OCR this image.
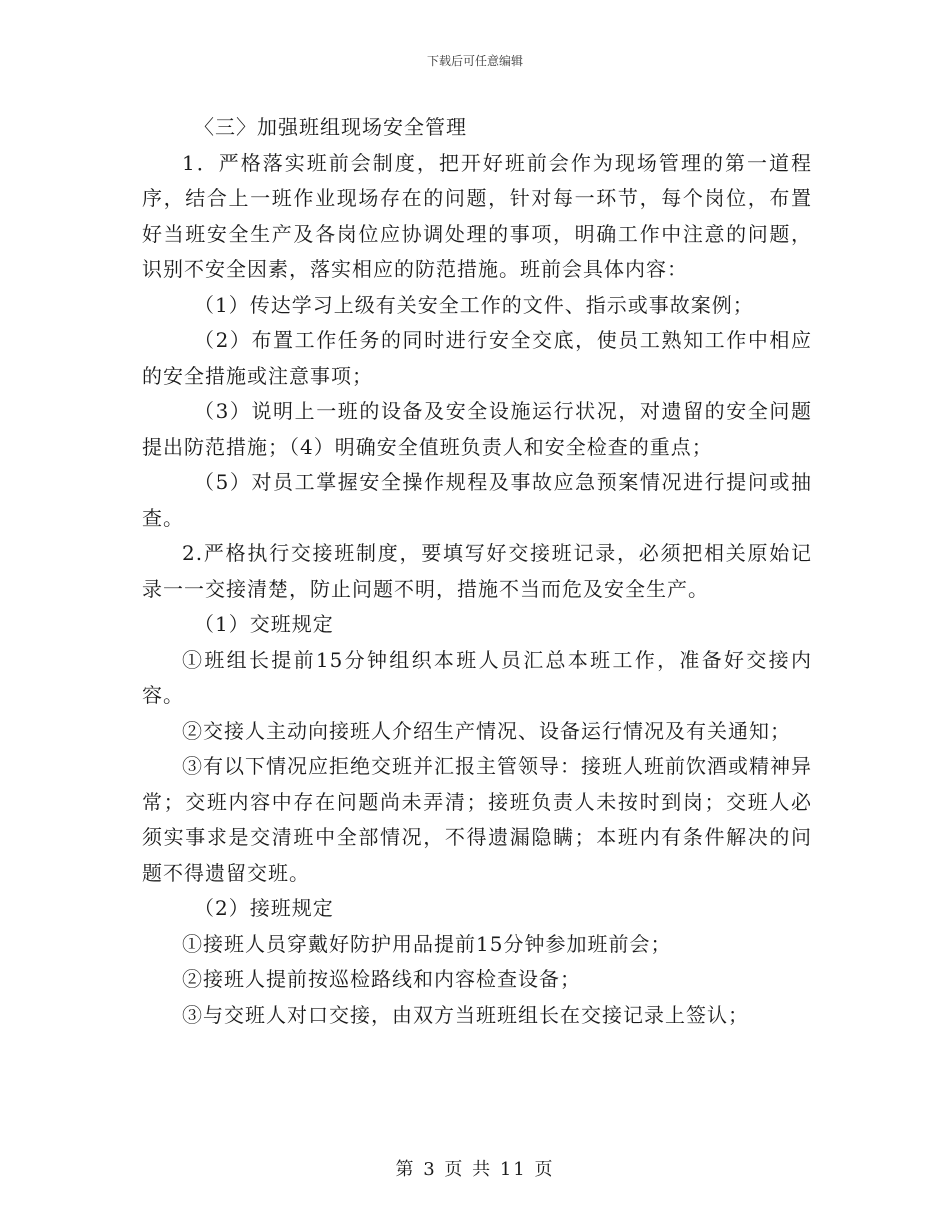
下载后可任意编辑

〈三〉加强班组现场安全管理

1．严格落实班前会制度，把开好班前会作为现场管理的第一道程序，结合上一班作业现场存在的问题，针对每一环节，每个岗位，布置好当班安全生产及各岗位应协调处理的事项，明确工作中注意的问题，识别不安全因素，落实相应的防范措施。班前会具体内容：

（1）传达学习上级有关安全工作的文件、指示或事故案例；

（2）布置工作任务的同时进行安全交底，使员工熟知工作中相应的安全措施或注意事项；

（3）说明上一班的设备及安全设施运行状况，对遗留的安全问题提出防范措施；（4）明确安全值班负责人和安全检查的重点；

（5）对员工掌握安全操作规程及事故应急预案情况进行提问或抽查。

2.严格执行交接班制度，要填写好交接班记录，必须把相关原始记录一一交接清楚，防止问题不明，措施不当而危及安全生产。

（1）交班规定

①班组长提前15分钟组织本班人员汇总本班工作，准备好交接内容。

②交接人主动向接班人介绍生产情况、设备运行情况及有关通知；

③有以下情况应拒绝交班并汇报主管领导：接班人班前饮酒或精神异常；交班内容中存在问题尚未弄清；接班负责人未按时到岗；交班人必须实事求是交清班中全部情况，不得遗漏隐瞒；本班内有条件解决的问题不得遗留交班。

（2）接班规定

①接班人员穿戴好防护用品提前15分钟参加班前会；

②接班人提前按巡检路线和内容检查设备；

③与交班人对口交接，由双方当班班组长在交接记录上签认；

第 3 页 共 11 页
